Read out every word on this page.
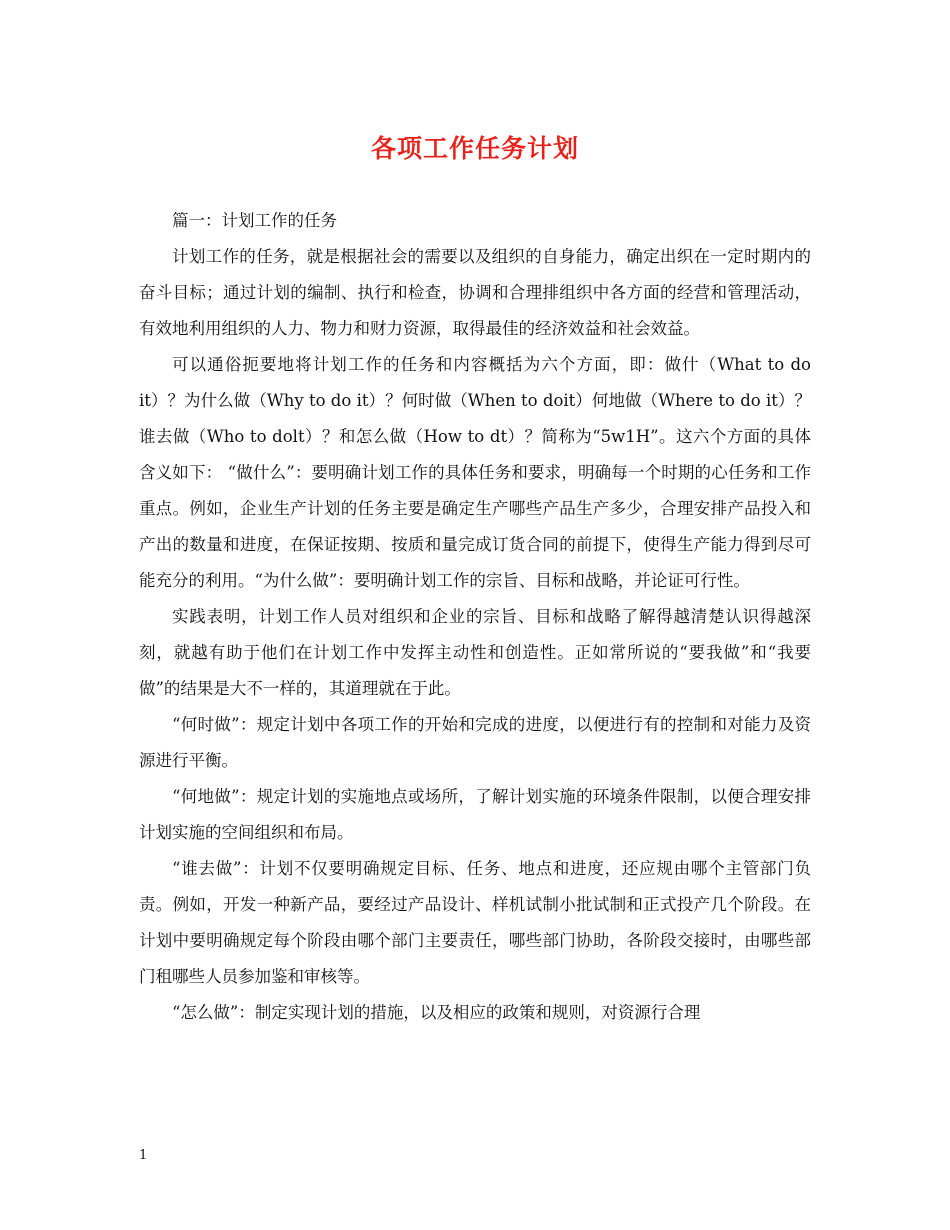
各项工作任务计划

篇一：计划工作的任务

计划工作的任务，就是根据社会的需要以及组织的自身能力，确定出织在一定时期内的奋斗目标；通过计划的编制、执行和检查，协调和合理排组织中各方面的经营和管理活动，有效地利用组织的人力、物力和财力资源，取得最佳的经济效益和社会效益。

可以通俗扼要地将计划工作的任务和内容概括为六个方面，即：做什（What to do it）？为什么做（Why to do it）？何时做（When to doit）何地做（Where to do it）？谁去做（Who to dolt）？和怎么做（How to dt）？简称为“5w1H”。这六个方面的具体含义如下： “做什么”：要明确计划工作的具体任务和要求，明确每一个时期的心任务和工作重点。例如，企业生产计划的任务主要是确定生产哪些产品生产多少，合理安排产品投入和产出的数量和进度，在保证按期、按质和量完成订货合同的前提下，使得生产能力得到尽可能充分的利用。“为什么做”：要明确计划工作的宗旨、目标和战略，并论证可行性。

实践表明，计划工作人员对组织和企业的宗旨、目标和战略了解得越清楚认识得越深刻，就越有助于他们在计划工作中发挥主动性和创造性。正如常所说的“要我做”和“我要做”的结果是大不一样的，其道理就在于此。

“何时做”：规定计划中各项工作的开始和完成的进度，以便进行有的控制和对能力及资源进行平衡。

“何地做”：规定计划的实施地点或场所，了解计划实施的环境条件限制，以便合理安排计划实施的空间组织和布局。

“谁去做”：计划不仅要明确规定目标、任务、地点和进度，还应规由哪个主管部门负责。例如，开发一种新产品，要经过产品设计、样机试制小批试制和正式投产几个阶段。在计划中要明确规定每个阶段由哪个部门主要责任，哪些部门协助，各阶段交接时，由哪些部门租哪些人员参加鉴和审核等。

“怎么做”：制定实现计划的措施，以及相应的政策和规则，对资源行合理

1
